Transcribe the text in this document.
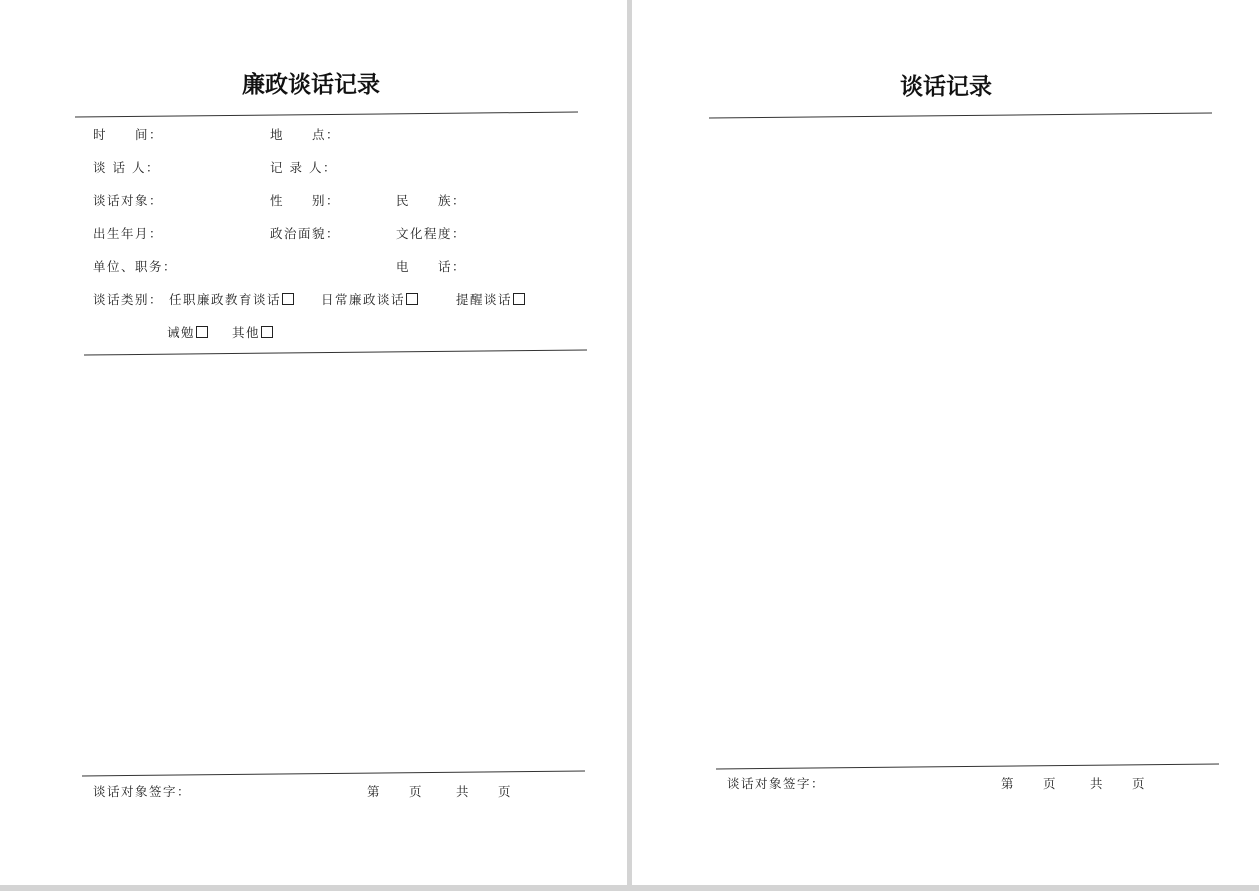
廉政谈话记录
时　　间：	地　　点：
谈 话 人：	记 录 人：
谈话对象：	性　　别：	民　　族：
出生年月：	政治面貌：	文化程度：
单位、职务：	电　　话：
谈话类别： 任职廉政教育谈话	日常廉政谈话	提醒谈话
诫勉	其他
谈话对象签字：	第　　页	共　　页
谈话记录
谈话对象签字：	第　　页	共　　页
